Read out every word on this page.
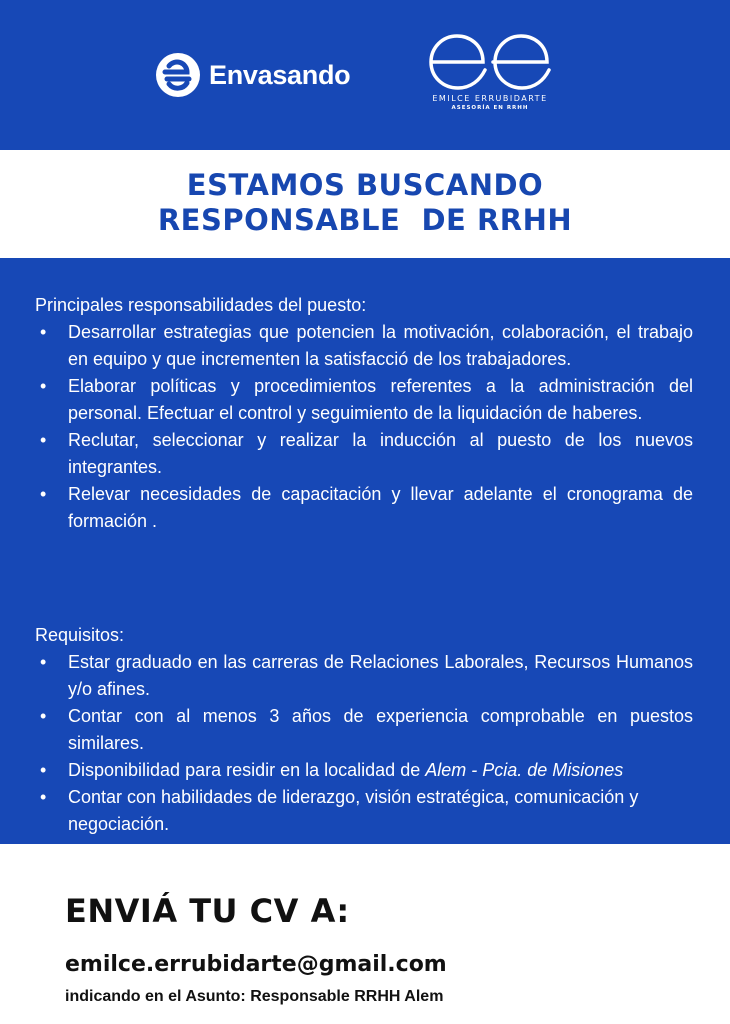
Envasando
EMILCE ERRUBIDARTE
ASESORÍA EN RRHH
ESTAMOS BUSCANDO
RESPONSABLE  DE RRHH
Principales responsabilidades del puesto:
• Desarrollar estrategias que potencien la motivación, colaboración, el trabajo en equipo y que incrementen la satisfacció de los trabajadores.
• Elaborar políticas y procedimientos referentes a la administración del personal. Efectuar el control y seguimiento de la liquidación de haberes.
• Reclutar, seleccionar y realizar la inducción al puesto de los nuevos integrantes.
• Relevar necesidades de capacitación y llevar adelante el cronograma de formación .
Requisitos:
• Estar graduado en las carreras de Relaciones Laborales, Recursos Humanos y/o afines.
• Contar con al menos 3 años de experiencia comprobable en puestos similares.
• Disponibilidad para residir en la localidad de Alem - Pcia. de Misiones
• Contar con habilidades de liderazgo, visión estratégica, comunicación y negociación.
ENVIÁ TU CV A:
emilce.errubidarte@gmail.com
indicando en el Asunto: Responsable RRHH Alem
